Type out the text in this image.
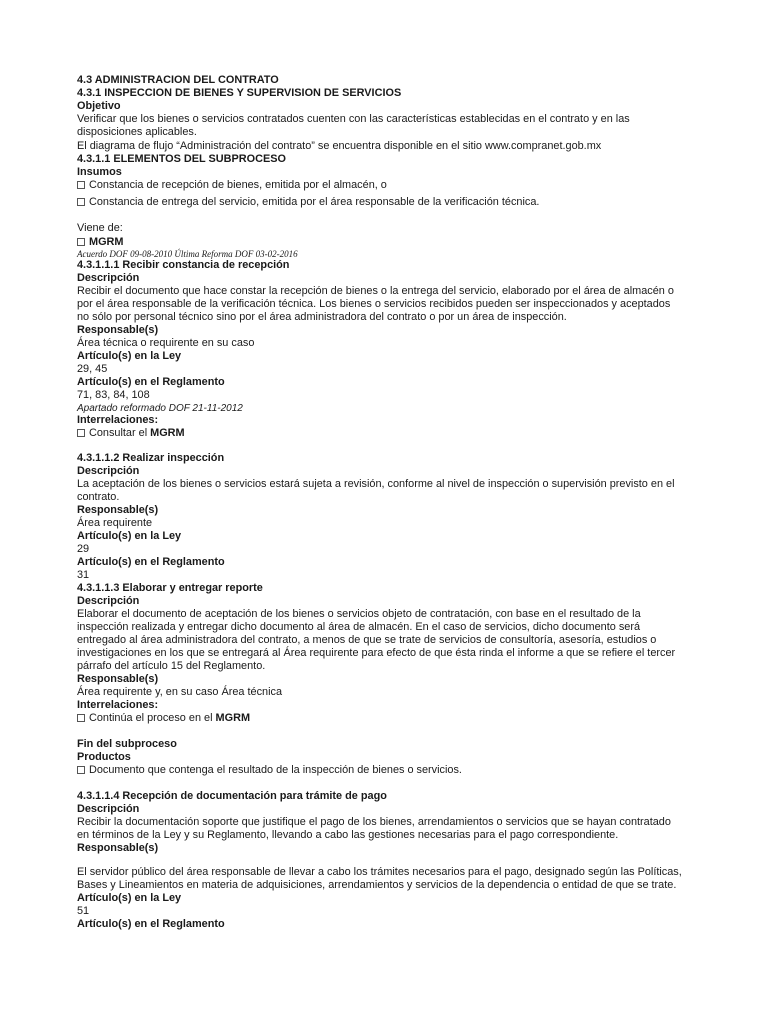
4.3 ADMINISTRACION DEL CONTRATO
4.3.1 INSPECCION DE BIENES Y SUPERVISION DE SERVICIOS
Objetivo
Verificar que los bienes o servicios contratados cuenten con las características establecidas en el contrato y en las
disposiciones aplicables.
El diagrama de flujo “Administración del contrato” se encuentra disponible en el sitio www.compranet.gob.mx
4.3.1.1 ELEMENTOS DEL SUBPROCESO
Insumos
Constancia de recepción de bienes, emitida por el almacén, o
Constancia de entrega del servicio, emitida por el área responsable de la verificación técnica.
Viene de:
MGRM
Acuerdo DOF 09-08-2010 Última Reforma DOF 03-02-2016
4.3.1.1.1 Recibir constancia de recepción
Descripción
Recibir el documento que hace constar la recepción de bienes o la entrega del servicio, elaborado por el área de almacén o
por el área responsable de la verificación técnica. Los bienes o servicios recibidos pueden ser inspeccionados y aceptados
no sólo por personal técnico sino por el área administradora del contrato o por un área de inspección.
Responsable(s)
Área técnica o requirente en su caso
Artículo(s) en la Ley
29, 45
Artículo(s) en el Reglamento
71, 83, 84, 108
Apartado reformado DOF 21-11-2012
Interrelaciones:
Consultar el MGRM
4.3.1.1.2 Realizar inspección
Descripción
La aceptación de los bienes o servicios estará sujeta a revisión, conforme al nivel de inspección o supervisión previsto en el
contrato.
Responsable(s)
Área requirente
Artículo(s) en la Ley
29
Artículo(s) en el Reglamento
31
4.3.1.1.3 Elaborar y entregar reporte
Descripción
Elaborar el documento de aceptación de los bienes o servicios objeto de contratación, con base en el resultado de la
inspección realizada y entregar dicho documento al área de almacén. En el caso de servicios, dicho documento será
entregado al área administradora del contrato, a menos de que se trate de servicios de consultoría, asesoría, estudios o
investigaciones en los que se entregará al Área requirente para efecto de que ésta rinda el informe a que se refiere el tercer
párrafo del artículo 15 del Reglamento.
Responsable(s)
Área requirente y, en su caso Área técnica
Interrelaciones:
Continúa el proceso en el MGRM
Fin del subproceso
Productos
Documento que contenga el resultado de la inspección de bienes o servicios.
4.3.1.1.4 Recepción de documentación para trámite de pago
Descripción
Recibir la documentación soporte que justifique el pago de los bienes, arrendamientos o servicios que se hayan contratado
en términos de la Ley y su Reglamento, llevando a cabo las gestiones necesarias para el pago correspondiente.
Responsable(s)
El servidor público del área responsable de llevar a cabo los trámites necesarios para el pago, designado según las Políticas,
Bases y Lineamientos en materia de adquisiciones, arrendamientos y servicios de la dependencia o entidad de que se trate.
Artículo(s) en la Ley
51
Artículo(s) en el Reglamento
